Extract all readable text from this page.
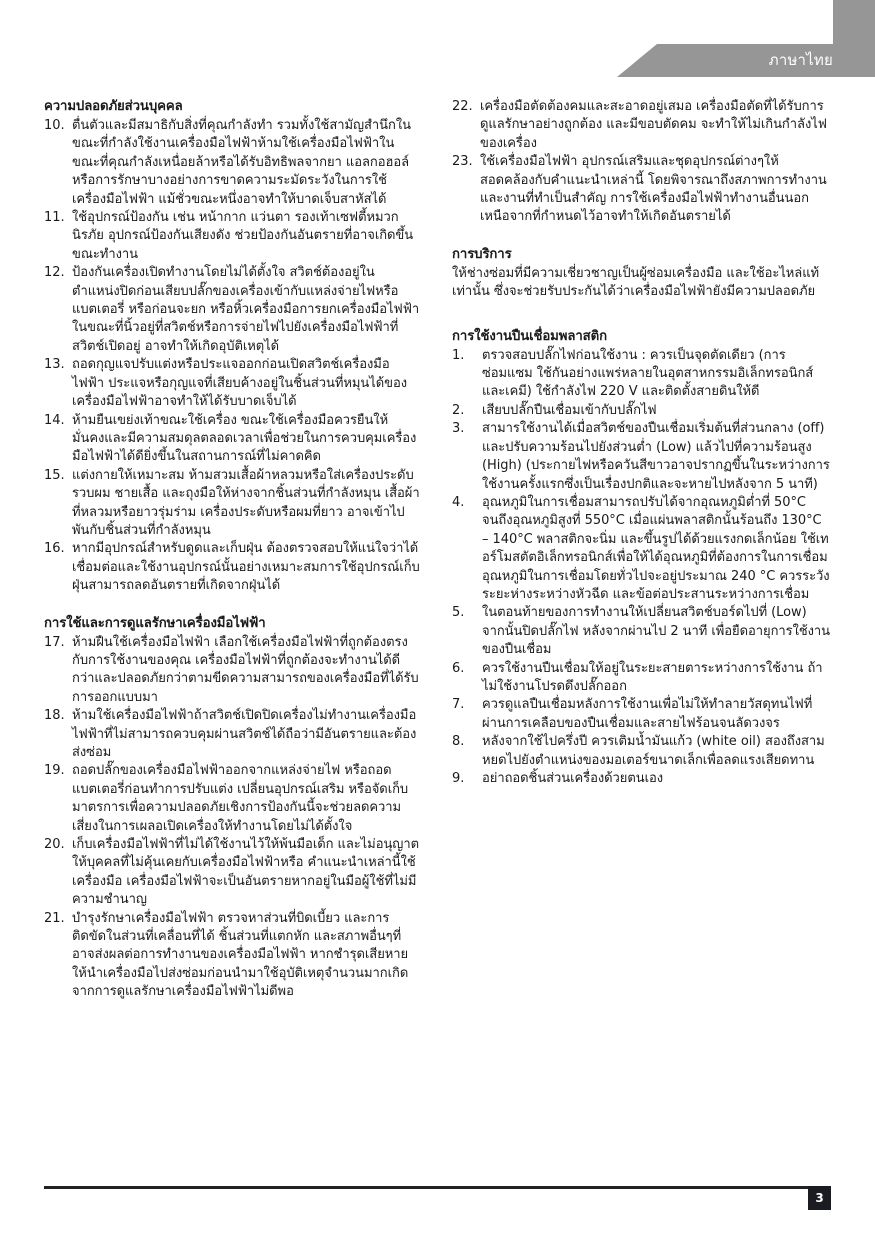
ภาษาไทย
ความปลอดภัยส่วนบุคคล
10. ตื่นตัวและมีสมาธิกับสิ่งที่คุณกำลังทำ รวมทั้งใช้สามัญสำนึกในขณะที่กำลังใช้งานเครื่องมือไฟฟ้าห้ามใช้เครื่องมือไฟฟ้าในขณะที่คุณกำลังเหนื่อยล้าหรือได้รับอิทธิพลจากยา แอลกอฮอล์หรือการรักษาบางอย่างการขาดความระมัดระวังในการใช้เครื่องมือไฟฟ้า แม้ชั่วขณะหนึ่งอาจทำให้บาดเจ็บสาหัสได้
11. ใช้อุปกรณ์ป้องกัน เช่น หน้ากาก แว่นตา รองเท้าเซฟตี้หมวกนิรภัย อุปกรณ์ป้องกันเสียงดัง ช่วยป้องกันอันตรายที่อาจเกิดขึ้นขณะทำงาน
12. ป้องกันเครื่องเปิดทำงานโดยไม่ได้ตั้งใจ สวิตช์ต้องอยู่ในตำแหน่งปิดก่อนเสียบปลั๊กของเครื่องเข้ากับแหล่งจ่ายไฟหรือแบตเตอรี่ หรือก่อนจะยก หรือหิ้วเครื่องมือการยกเครื่องมือไฟฟ้าในขณะที่นิ้วอยู่ที่สวิตช์หรือการจ่ายไฟไปยังเครื่องมือไฟฟ้าที่สวิตช์เปิดอยู่ อาจทำให้เกิดอุบัติเหตุได้
13. ถอดกุญแจปรับแต่งหรือประแจออกก่อนเปิดสวิตช์เครื่องมือไฟฟ้า ประแจหรือกุญแจที่เสียบค้างอยู่ในชิ้นส่วนที่หมุนได้ของเครื่องมือไฟฟ้าอาจทำให้ได้รับบาดเจ็บได้
14. ห้ามยืนเขย่งเท้าขณะใช้เครื่อง ขณะใช้เครื่องมือควรยืนให้มั่นคงและมีความสมดุลตลอดเวลาเพื่อช่วยในการควบคุมเครื่องมือไฟฟ้าได้ดียิ่งขึ้นในสถานการณ์ที่ไม่คาดคิด
15. แต่งกายให้เหมาะสม ห้ามสวมเสื้อผ้าหลวมหรือใส่เครื่องประดับ รวบผม ชายเสื้อ และถุงมือให้ห่างจากชิ้นส่วนที่กำลังหมุน เสื้อผ้าที่หลวมหรือยาวรุ่มร่าม เครื่องประดับหรือผมที่ยาว อาจเข้าไปพันกับชิ้นส่วนที่กำลังหมุน
16. หากมีอุปกรณ์สำหรับดูดและเก็บฝุ่น ต้องตรวจสอบให้แน่ใจว่าได้เชื่อมต่อและใช้งานอุปกรณ์นั้นอย่างเหมาะสมการใช้อุปกรณ์เก็บฝุ่นสามารถลดอันตรายที่เกิดจากฝุ่นได้
การใช้และการดูแลรักษาเครื่องมือไฟฟ้า
17. ห้ามฝืนใช้เครื่องมือไฟฟ้า เลือกใช้เครื่องมือไฟฟ้าที่ถูกต้องตรงกับการใช้งานของคุณ เครื่องมือไฟฟ้าที่ถูกต้องจะทำงานได้ดีกว่าและปลอดภัยกว่าตามขีดความสามารถของเครื่องมือที่ได้รับการออกแบบมา
18. ห้ามใช้เครื่องมือไฟฟ้าถ้าสวิตช์เปิดปิดเครื่องไม่ทำงานเครื่องมือไฟฟ้าที่ไม่สามารถควบคุมผ่านสวิตช์ได้ถือว่ามีอันตรายและต้องส่งซ่อม
19. ถอดปลั๊กของเครื่องมือไฟฟ้าออกจากแหล่งจ่ายไฟ หรือถอดแบตเตอรี่ก่อนทำการปรับแต่ง เปลี่ยนอุปกรณ์เสริม หรือจัดเก็บมาตรการเพื่อความปลอดภัยเชิงการป้องกันนี้จะช่วยลดความเสี่ยงในการเผลอเปิดเครื่องให้ทำงานโดยไม่ได้ตั้งใจ
20. เก็บเครื่องมือไฟฟ้าที่ไม่ได้ใช้งานไว้ให้พ้นมือเด็ก และไม่อนุญาตให้บุคคลที่ไม่คุ้นเคยกับเครื่องมือไฟฟ้าหรือ คำแนะนำเหล่านี้ใช้เครื่องมือ เครื่องมือไฟฟ้าจะเป็นอันตรายหากอยู่ในมือผู้ใช้ที่ไม่มีความชำนาญ
21. บำรุงรักษาเครื่องมือไฟฟ้า ตรวจหาส่วนที่บิดเบี้ยว และการติดขัดในส่วนที่เคลื่อนที่ได้ ชิ้นส่วนที่แตกหัก และสภาพอื่นๆที่อาจส่งผลต่อการทำงานของเครื่องมือไฟฟ้า หากชำรุดเสียหาย ให้นำเครื่องมือไปส่งซ่อมก่อนนำมาใช้อุบัติเหตุจำนวนมากเกิดจากการดูแลรักษาเครื่องมือไฟฟ้าไม่ดีพอ
22. เครื่องมือตัดต้องคมและสะอาดอยู่เสมอ เครื่องมือตัดที่ได้รับการดูแลรักษาอย่างถูกต้อง และมีขอบตัดคม จะทำให้ไม่เกินกำลังไฟของเครื่อง
23. ใช้เครื่องมือไฟฟ้า อุปกรณ์เสริมและชุดอุปกรณ์ต่างๆให้สอดคล้องกับคำแนะนำเหล่านี้ โดยพิจารณาถึงสภาพการทำงานและงานที่ทำเป็นสำคัญ การใช้เครื่องมือไฟฟ้าทำงานอื่นนอกเหนือจากที่กำหนดไว้อาจทำให้เกิดอันตรายได้
การบริการ

ให้ช่างซ่อมที่มีความเชี่ยวชาญเป็นผู้ซ่อมเครื่องมือ และใช้อะไหล่แท้เท่านั้น ซึ่งจะช่วยรับประกันได้ว่าเครื่องมือไฟฟ้ายังมีความปลอดภัย

การใช้งานปืนเชื่อมพลาสติก
1.	ตรวจสอบปลั๊กไฟก่อนใช้งาน : ควรเป็นจุดตัดเดียว (การซ่อมแซม ใช้กันอย่างแพร่หลายในอุตสาหกรรมอิเล็กทรอนิกส์และเคมี) ใช้กำลังไฟ 220 V และติดตั้งสายดินให้ดี
2.	เสียบปลั๊กปืนเชื่อมเข้ากับปลั๊กไฟ
3.	สามารใช้งานได้เมื่อสวิตช์ของปืนเชื่อมเริ่มต้นที่ส่วนกลาง (off) และปรับความร้อนไปยังส่วนต่ำ (Low) แล้วไปที่ความร้อนสูง (High) (ประกายไฟหรือควันสีขาวอาจปรากฏขึ้นในระหว่างการใช้งานครั้งแรกซึ่งเป็นเรื่องปกติและจะหายไปหลังจาก 5 นาที)
4.	อุณหภูมิในการเชื่อมสามารถปรับได้จากอุณหภูมิต่ำที่ 50°C จนถึงอุณหภูมิสูงที่ 550°C เมื่อแผ่นพลาสติกนั้นร้อนถึง 130°C – 140°C พลาสติกจะนิ่ม และขึ้นรูปได้ด้วยแรงกดเล็กน้อย ใช้เทอร์โมสตัตอิเล็กทรอนิกส์เพื่อให้ได้อุณหภูมิที่ต้องการในการเชื่อม อุณหภูมิในการเชื่อมโดยทั่วไปจะอยู่ประมาณ 240 °C ควรระวังระยะห่างระหว่างหัวฉีด และข้อต่อประสานระหว่างการเชื่อม
5.	ในตอนท้ายของการทำงานให้เปลี่ยนสวิตช์บอร์ดไปที่ (Low) จากนั้นปิดปลั๊กไฟ หลังจากผ่านไป 2 นาที เพื่อยืดอายุการใช้งานของปืนเชื่อม
6.	ควรใช้งานปืนเชื่อมให้อยู่ในระยะสายตาระหว่างการใช้งาน ถ้าไม่ใช้งานโปรดดึงปลั๊กออก
7.	ควรดูแลปืนเชื่อมหลังการใช้งานเพื่อไม่ให้ทำลายวัสดุทนไฟที่ผ่านการเคลือบของปืนเชื่อมและสายไฟร้อนจนลัดวงจร
8.	หลังจากใช้ไปครึ่งปี ควรเติมน้ำมันแก้ว (white oil) สองถึงสามหยดไปยังตำแหน่งของมอเตอร์ขนาดเล็กเพื่อลดแรงเสียดทาน
9.	อย่าถอดชิ้นส่วนเครื่องด้วยตนเอง
3
